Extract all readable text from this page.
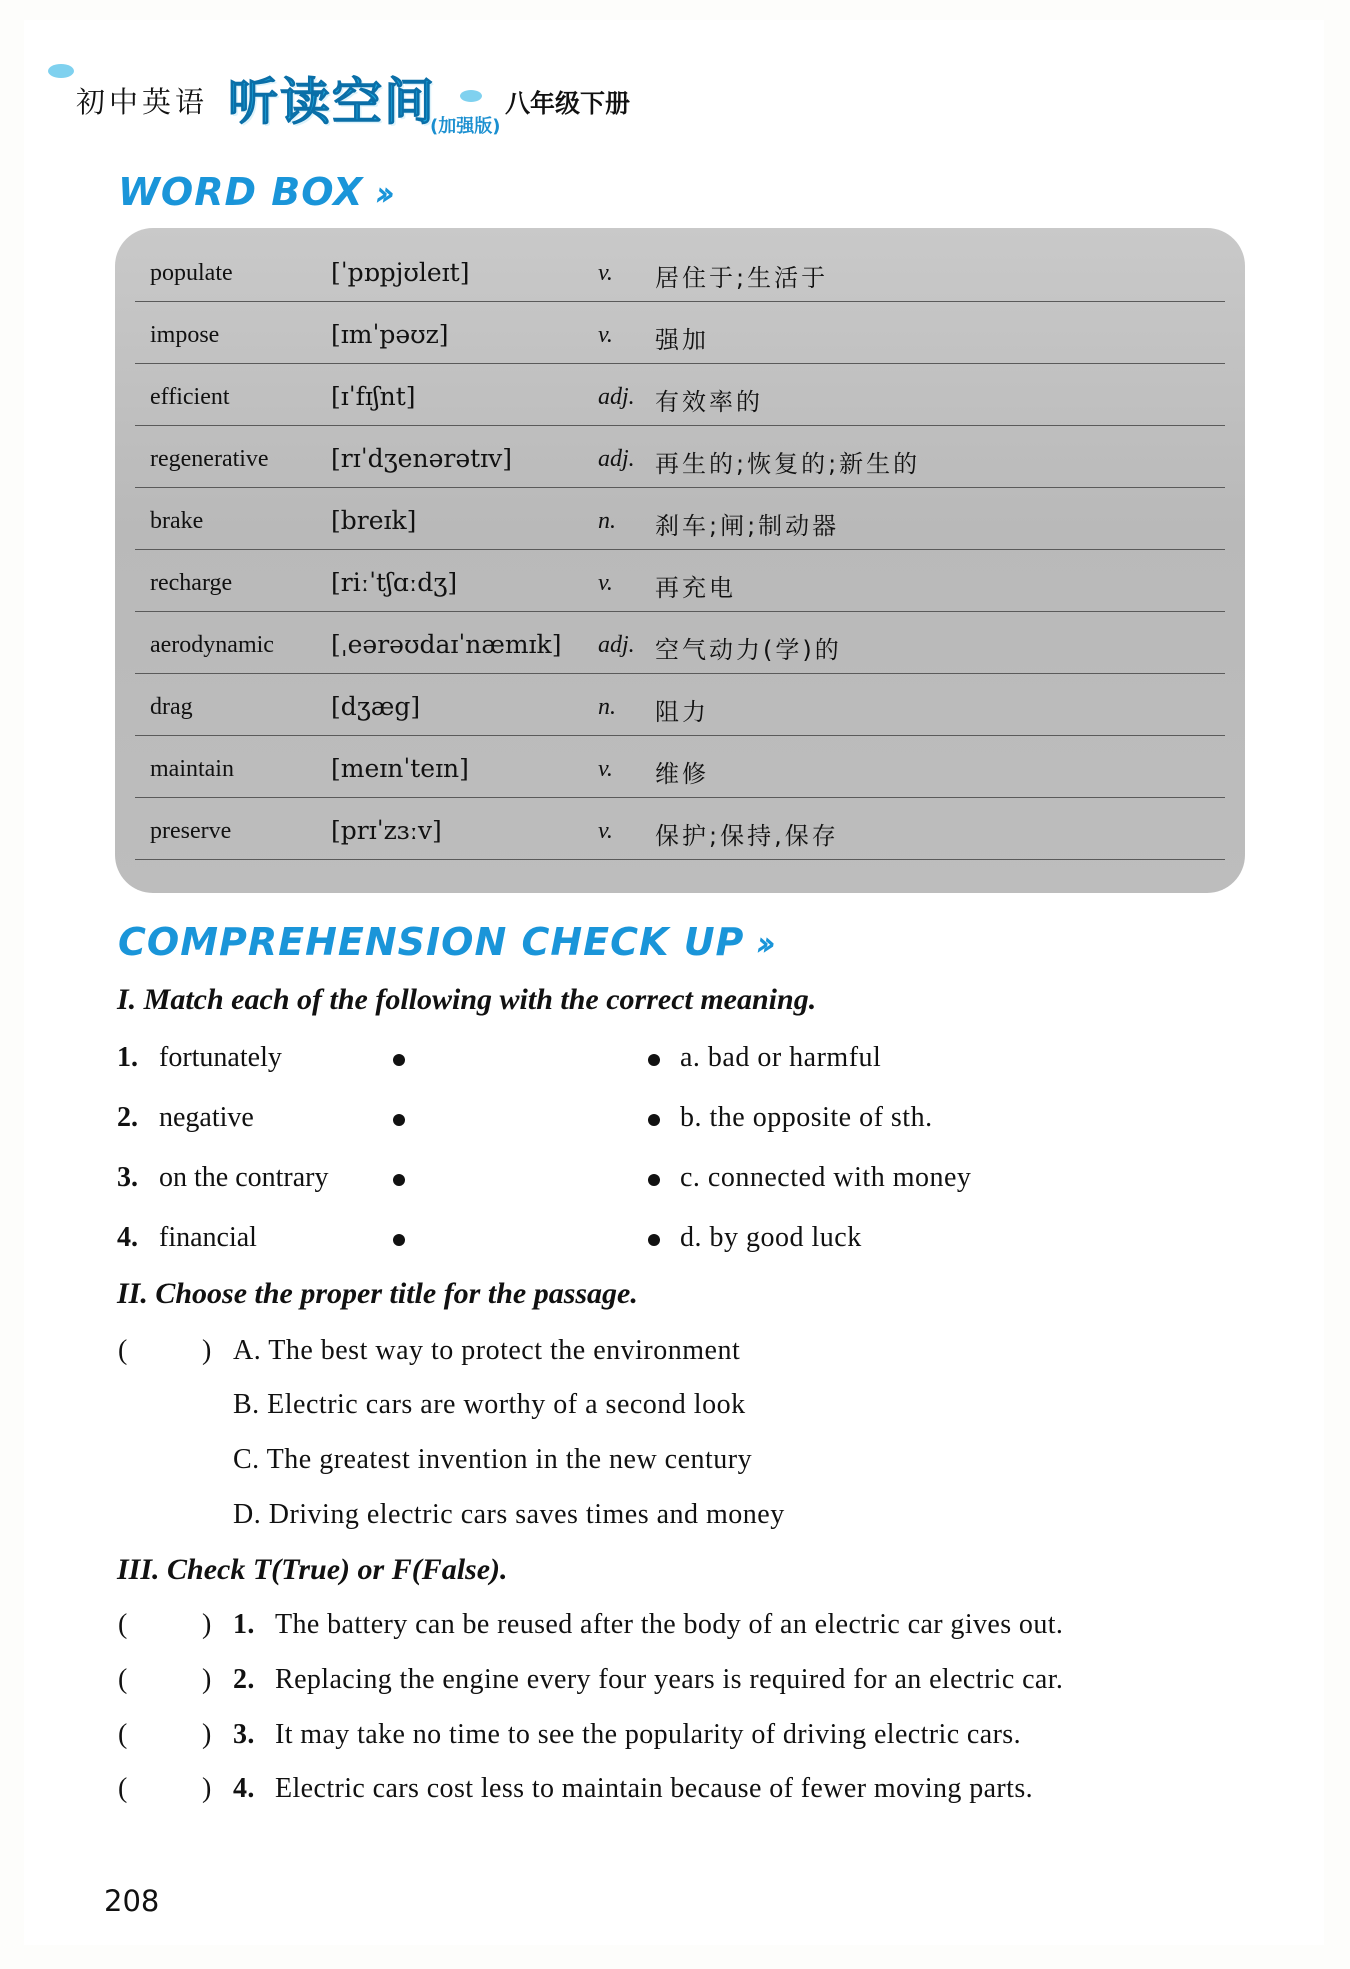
初中英语 听读空间
(加强版)
八年级下册
WORD BOX ››
populate	[ˈpɒpjʊleɪt]	v. 居住于;生活于
impose	[ɪmˈpəʊz]	v. 强加
efficient	[ɪˈfɪʃnt]	adj. 有效率的
regenerative [rɪˈdʒenərətɪv]	adj. 再生的;恢复的;新生的
brake	[breɪk]	n. 刹车;闸;制动器
recharge	[riːˈtʃɑːdʒ]	v. 再充电
aerodynamic [ˌeərəʊdaɪˈnæmɪk] adj. 空气动力(学)的
drag	[dʒæg]	n. 阻力
maintain	[meɪnˈteɪn]	v. 维修
preserve	[prɪˈzɜːv]	v. 保护;保持,保存
COMPREHENSION CHECK UP ››
I. Match each of the following with the correct meaning.
1. fortunately
2. negative
3. on the contrary
4. financial
a. bad or harmful
b. the opposite of sth.
c. connected with money
d. by good luck
II. Choose the proper title for the passage.
(	) A. The best way to protect the environment
B. Electric cars are worthy of a second look
C. The greatest invention in the new century
D. Driving electric cars saves times and money
III. Check T(True) or F(False).
(	) 1. The battery can be reused after the body of an electric car gives out.
(	) 2. Replacing the engine every four years is required for an electric car.
(	) 3. It may take no time to see the popularity of driving electric cars.
(	) 4. Electric cars cost less to maintain because of fewer moving parts.
208
